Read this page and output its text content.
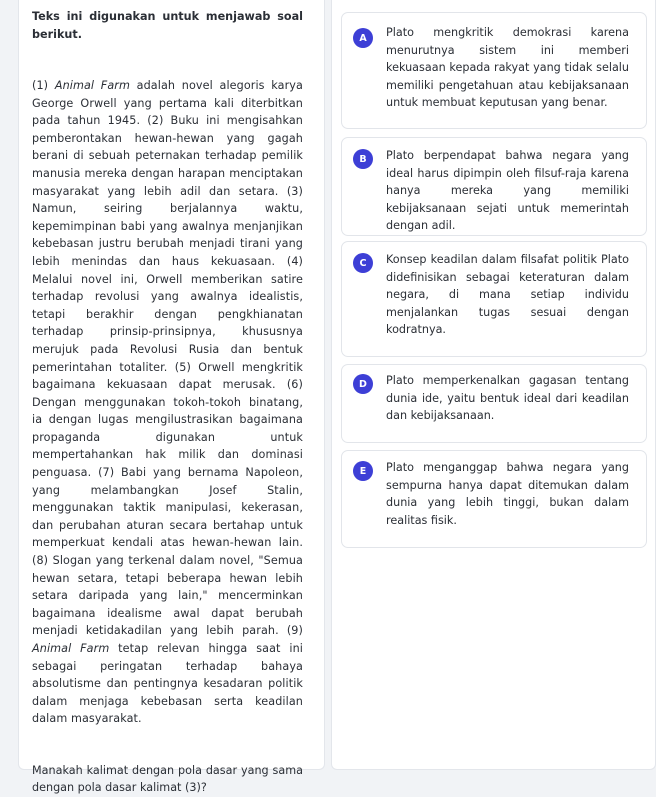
Teks ini digunakan untuk menjawab soal berikut.

(1) Animal Farm adalah novel alegoris karya George Orwell yang pertama kali diterbitkan pada tahun 1945. (2) Buku ini mengisahkan pemberontakan hewan-hewan yang gagah berani di sebuah peternakan terhadap pemilik manusia mereka dengan harapan menciptakan masyarakat yang lebih adil dan setara. (3) Namun, seiring berjalannya waktu, kepemimpinan babi yang awalnya menjanjikan kebebasan justru berubah menjadi tirani yang lebih menindas dan haus kekuasaan. (4) Melalui novel ini, Orwell memberikan satire terhadap revolusi yang awalnya idealistis, tetapi berakhir dengan pengkhianatan terhadap prinsip-prinsipnya, khususnya merujuk pada Revolusi Rusia dan bentuk pemerintahan totaliter. (5) Orwell mengkritik bagaimana kekuasaan dapat merusak. (6) Dengan menggunakan tokoh-tokoh binatang, ia dengan lugas mengilustrasikan bagaimana propaganda digunakan untuk mempertahankan hak milik dan dominasi penguasa. (7) Babi yang bernama Napoleon, yang melambangkan Josef Stalin, menggunakan taktik manipulasi, kekerasan, dan perubahan aturan secara bertahap untuk memperkuat kendali atas hewan-hewan lain. (8) Slogan yang terkenal dalam novel, "Semua hewan setara, tetapi beberapa hewan lebih setara daripada yang lain," mencerminkan bagaimana idealisme awal dapat berubah menjadi ketidakadilan yang lebih parah. (9) Animal Farm tetap relevan hingga saat ini sebagai peringatan terhadap bahaya absolutisme dan pentingnya kesadaran politik dalam menjaga kebebasan serta keadilan dalam masyarakat.

Manakah kalimat dengan pola dasar yang sama dengan pola dasar kalimat (3)?

A	Plato mengkritik demokrasi karena menurutnya sistem ini memberi kekuasaan kepada rakyat yang tidak selalu memiliki pengetahuan atau kebijaksanaan untuk membuat keputusan yang benar.
B	Plato berpendapat bahwa negara yang ideal harus dipimpin oleh filsuf-raja karena hanya mereka yang memiliki kebijaksanaan sejati untuk memerintah dengan adil.
C	Konsep keadilan dalam filsafat politik Plato didefinisikan sebagai keteraturan dalam negara, di mana setiap individu menjalankan tugas sesuai dengan kodratnya.
D	Plato memperkenalkan gagasan tentang dunia ide, yaitu bentuk ideal dari keadilan dan kebijaksanaan.
E	Plato menganggap bahwa negara yang sempurna hanya dapat ditemukan dalam dunia yang lebih tinggi, bukan dalam realitas fisik.
